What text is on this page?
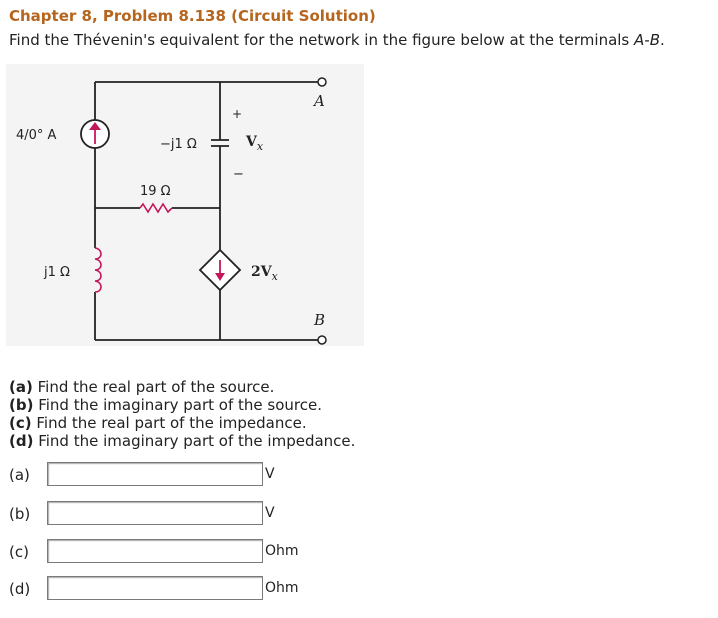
Chapter 8, Problem 8.138 (Circuit Solution)
Find the Thévenin's equivalent for the network in the figure below at the terminals A-B.
4/0° A
−j1 Ω
+
$V_x$
−
19 Ω
j1 Ω	$2V_x$
A
B
(a) Find the real part of the source.
(b) Find the imaginary part of the source.
(c) Find the real part of the impedance.
(d) Find the imaginary part of the impedance.
(a)	V
(b)	V
(c)	Ohm
(d)	Ohm
